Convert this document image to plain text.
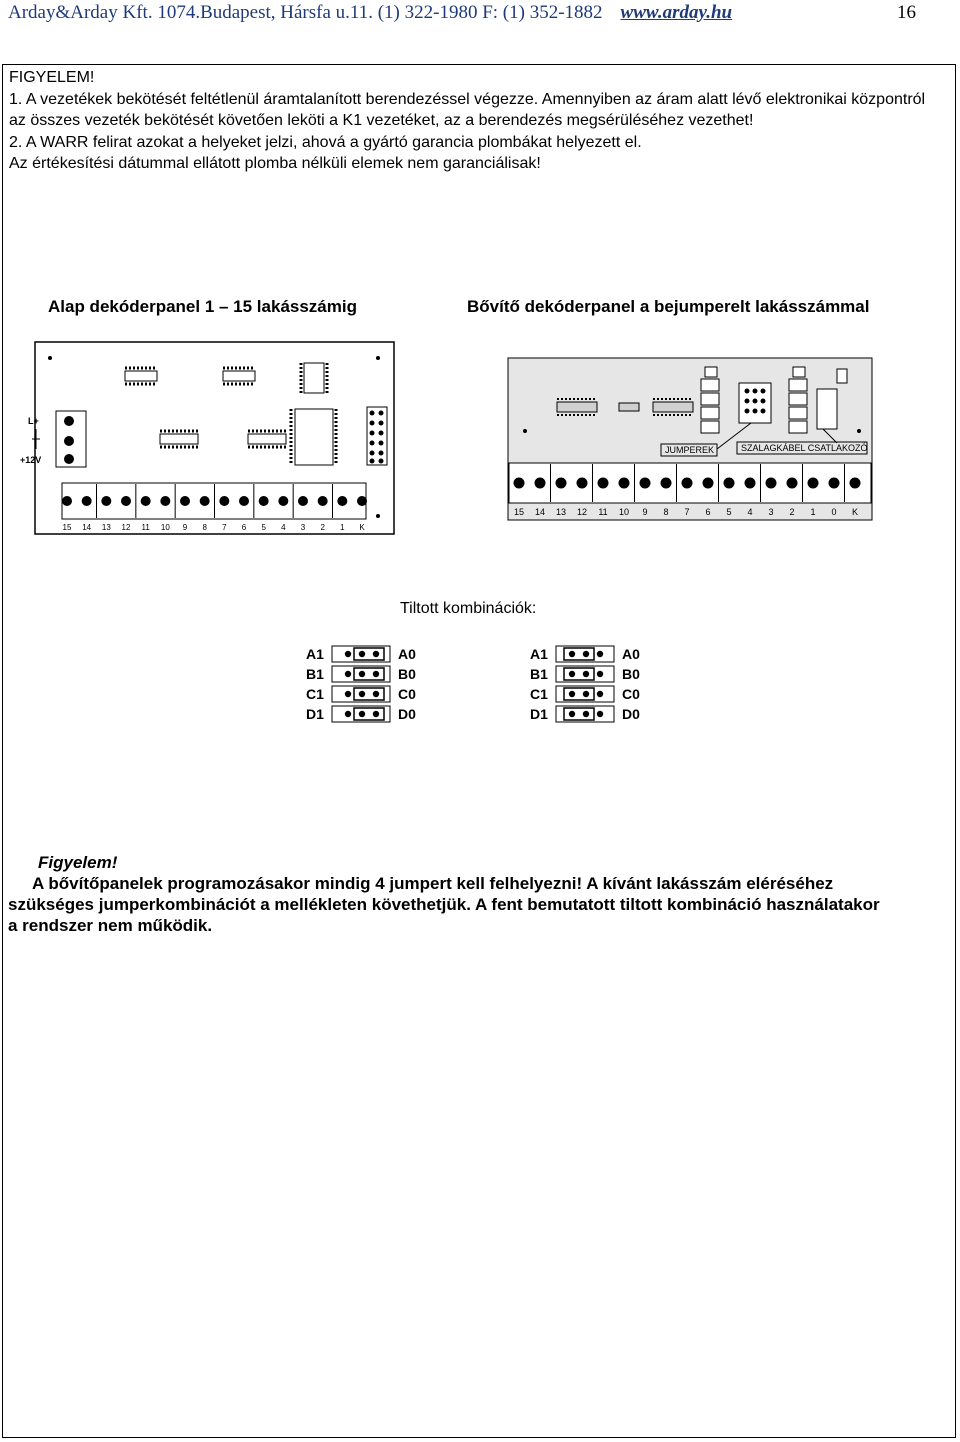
Arday&Arday Kft. 1074.Budapest, Hársfa u.11. (1) 322-1980 F: (1) 352-1882 www.arday.hu	16

FIGYELEM!

1. A vezetékek bekötését feltétlenül áramtalanított berendezéssel végezze. Amennyiben az áram alatt lévő elektronikai központról az összes vezeték bekötését követően leköti a K1 vezetéket, az a berendezés megsérüléséhez vezethet!

2. A WARR felirat azokat a helyeket jelzi, ahová a gyártó garancia plombákat helyezett el.

Az értékesítési dátummal ellátott plomba nélküli elemek nem garanciálisak!

Alap dekóderpanel 1 – 15 lakásszámig	Bővítő dekóderpanel a bejumperelt lakásszámmal
L+
+12V
15 14 13 12 11 10 9 8 7 6 5 4 3 2 1 K
JUMPEREK	SZALAGKÁBEL CSATLAKOZÓ
15 14 13 12 11 10 9 8 7 6 5 4 3 2 1 0 K
Tiltott kombinációk:
A1	A0
B1	B0
C1	C0
D1	D0
A1	A0
B1	B0
C1	C0
D1	D0
Figyelem!
A bővítőpanelek programozásakor mindig 4 jumpert kell felhelyezni! A kívánt lakásszám eléréséhez
szükséges jumperkombinációt a mellékleten követhetjük. A fent bemutatott tiltott kombináció használatakor
a rendszer nem működik.
